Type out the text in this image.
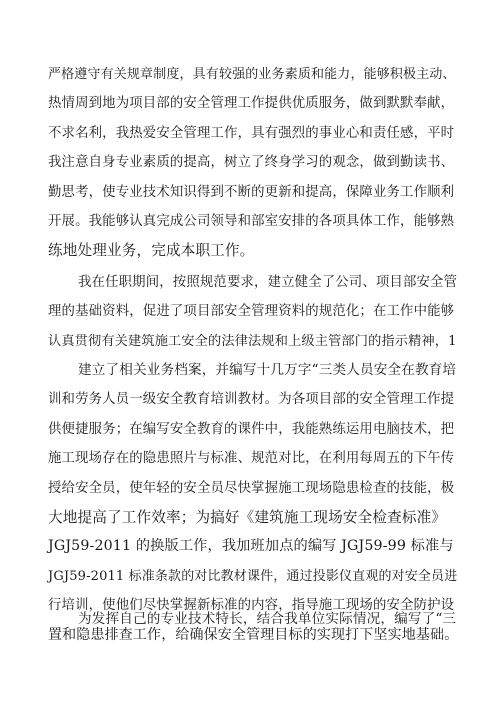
严格遵守有关规章制度，具有较强的业务素质和能力，能够积极主动、
热情周到地为项目部的安全管理工作提供优质服务，做到默默奉献，
不求名利，我热爱安全管理工作，具有强烈的事业心和责任感，平时
我注意自身专业素质的提高，树立了终身学习的观念，做到勤读书、
勤思考，使专业技术知识得到不断的更新和提高，保障业务工作顺利
开展。我能够认真完成公司领导和部室安排的各项具体工作，能够熟
练地处理业务，完成本职工作。
我在任职期间，按照规范要求，建立健全了公司、项目部安全管
理的基础资料，促进了项目部安全管理资料的规范化；在工作中能够
认真贯彻有关建筑施工安全的法律法规和上级主管部门的指示精神，1
建立了相关业务档案，并编写十几万字“三类人员安全在教育培
训和劳务人员一级安全教育培训教材。为各项目部的安全管理工作提
供便捷服务；在编写安全教育的课件中，我能熟练运用电脑技术，把
施工现场存在的隐患照片与标准、规范对比，在利用每周五的下午传
授给安全员，使年轻的安全员尽快掌握施工现场隐患检查的技能，极
大地提高了工作效率；为搞好《建筑施工现场安全检查标准》
JGJ59-2011 的换版工作，我加班加点的编写 JGJ59-99 标准与
JGJ59-2011 标准条款的对比教材课件，通过投影仪直观的对安全员进
行培训，使他们尽快掌握新标准的内容，指导施工现场的安全防护设
置和隐患排查工作，给确保安全管理目标的实现打下坚实地基础。
为发挥自己的专业技术特长，结合我单位实际情况，编写了“三
